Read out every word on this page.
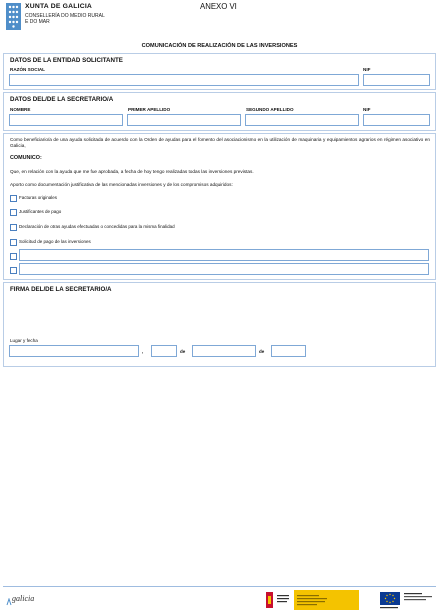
XUNTA DE GALICIA
CONSELLERÍA DO MEDIO RURAL
E DO MAR
ANEXO VI
COMUNICACIÓN DE REALIZACIÓN DE LAS INVERSIONES
DATOS DE LA ENTIDAD SOLICITANTE
RAZÓN SOCIAL	NIF
DATOS DEL/DE LA SECRETARIO/A
NOMBRE	PRIMER APELLIDO	SEGUNDO APELLIDO	NIF
Como beneficiario/a de una ayuda solicitada de acuerdo con la Orden de ayudas para el fomento del asociacionismo en la utilización de maquinaria y equipamientos agrarios en régimen asociativo en Galicia,
COMUNICO:
Que, en relación con la ayuda que me fue aprobada, a fecha de hoy tengo realizadas todas las inversiones previstas.
Aporto como documentación justificativa de las mencionadas inversiones y de los compromisos adquiridos:
Facturas originales
Justificantes de pago
Declaración de otras ayudas efectuadas o concedidas para la misma finalidad
Solicitud de pago de las inversiones
FIRMA DEL/DE LA SECRETARIO/A
Lugar y fecha
,	de	de
galicia
